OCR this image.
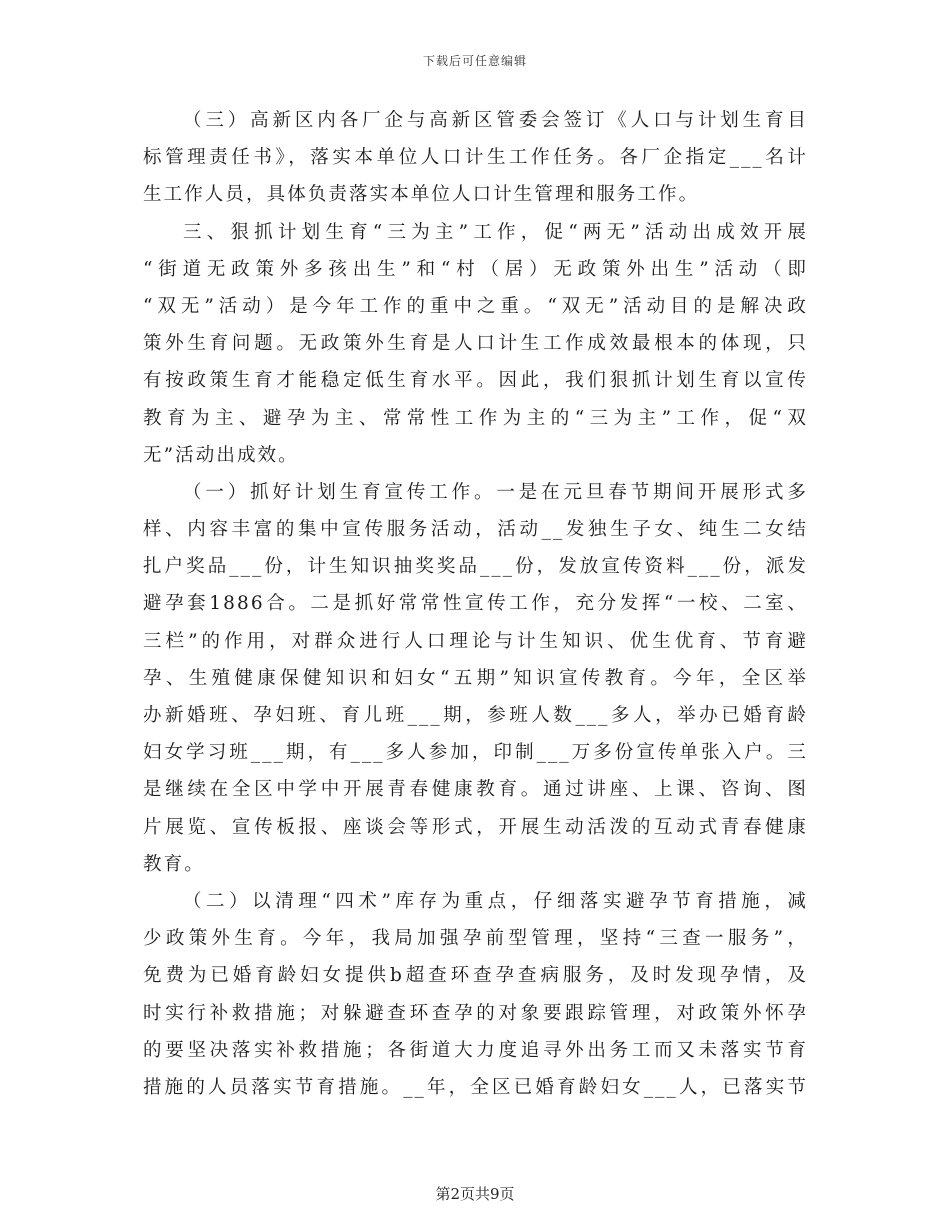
下载后可任意编辑
（三）高新区内各厂企与高新区管委会签订《人口与计划生育目
标管理责任书》，落实本单位人口计生工作任务。各厂企指定___名计
生工作人员，具体负责落实本单位人口计生管理和服务工作。
三、狠抓计划生育“三为主”工作，促“两无”活动出成效开展
“街道无政策外多孩出生”和“村（居）无政策外出生”活动（即
“双无”活动）是今年工作的重中之重。“双无”活动目的是解决政
策外生育问题。无政策外生育是人口计生工作成效最根本的体现，只
有按政策生育才能稳定低生育水平。因此，我们狠抓计划生育以宣传
教育为主、避孕为主、常常性工作为主的“三为主”工作，促“双
无”活动出成效。
（一）抓好计划生育宣传工作。一是在元旦春节期间开展形式多
样、内容丰富的集中宣传服务活动，活动__发独生子女、纯生二女结
扎户奖品___份，计生知识抽奖奖品___份，发放宣传资料___份，派发
避孕套1886合。二是抓好常常性宣传工作，充分发挥“一校、二室、
三栏”的作用，对群众进行人口理论与计生知识、优生优育、节育避
孕、生殖健康保健知识和妇女“五期”知识宣传教育。今年，全区举
办新婚班、孕妇班、育儿班___期，参班人数___多人，举办已婚育龄
妇女学习班___期，有___多人参加，印制___万多份宣传单张入户。三
是继续在全区中学中开展青春健康教育。通过讲座、上课、咨询、图
片展览、宣传板报、座谈会等形式，开展生动活泼的互动式青春健康
教育。
（二）以清理“四术”库存为重点，仔细落实避孕节育措施，减
少政策外生育。今年，我局加强孕前型管理，坚持“三查一服务”，
免费为已婚育龄妇女提供b超查环查孕查病服务，及时发现孕情，及
时实行补救措施；对躲避查环查孕的对象要跟踪管理，对政策外怀孕
的要坚决落实补救措施；各街道大力度追寻外出务工而又未落实节育
措施的人员落实节育措施。__年，全区已婚育龄妇女___人，已落实节
第2页共9页
